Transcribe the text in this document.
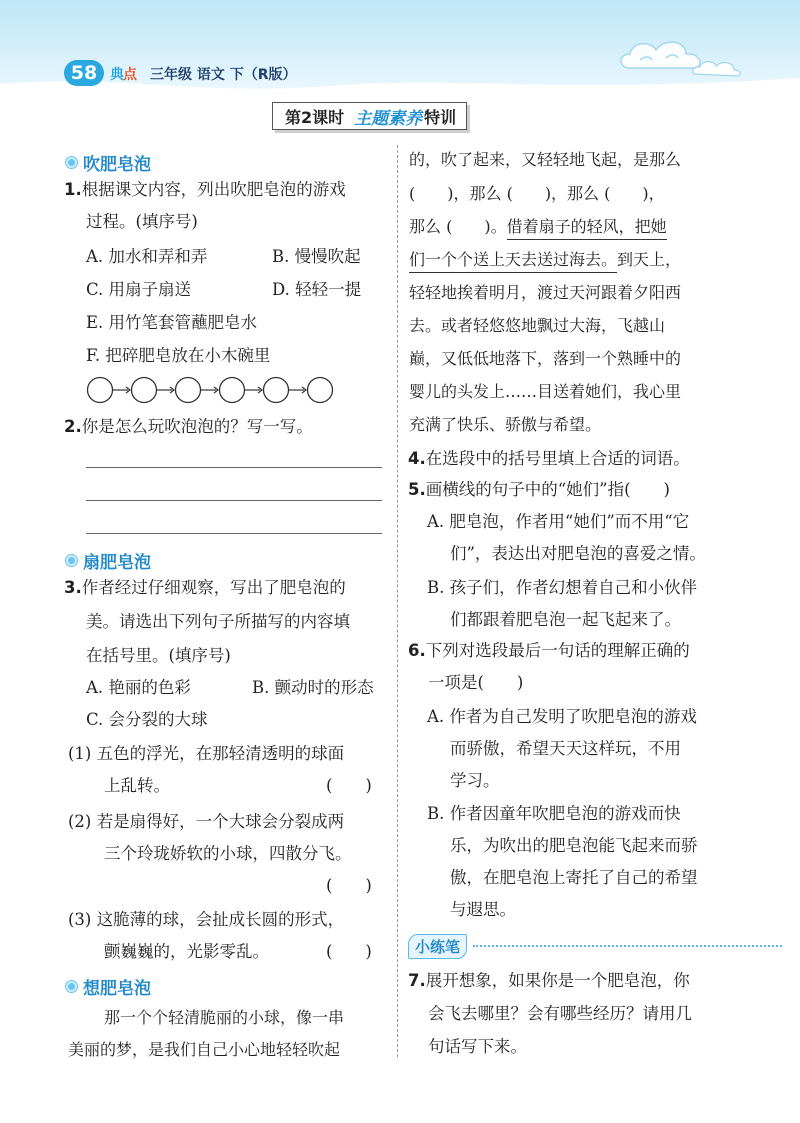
58 典点 三年级 语文 下（R版）
第2课时 主题素养 特训
吹肥皂泡
1.根据课文内容，列出吹肥皂泡的游戏
过程。(填序号)
A. 加水和弄和弄	B. 慢慢吹起
C. 用扇子扇送	D. 轻轻一提
E. 用竹笔套管蘸肥皂水
F. 把碎肥皂放在小木碗里
2.你是怎么玩吹泡泡的？写一写。
扇肥皂泡
3.作者经过仔细观察，写出了肥皂泡的
美。请选出下列句子所描写的内容填
在括号里。(填序号)
A. 艳丽的色彩	B. 颤动时的形态
C. 会分裂的大球
(1) 五色的浮光，在那轻清透明的球面
上乱转。	(　　)
(2) 若是扇得好，一个大球会分裂成两
三个玲珑娇软的小球，四散分飞。
(　　)
(3) 这脆薄的球，会扯成长圆的形式，
颤巍巍的，光影零乱。	(　　)
想肥皂泡
那一个个轻清脆丽的小球，像一串
美丽的梦，是我们自己小心地轻轻吹起
的，吹了起来，又轻轻地飞起，是那么
(　　)，那么 (　　)，那么 (　　)，
那么 (　　)。借着扇子的轻风，把她
们一个个送上天去送过海去。到天上，
轻轻地挨着明月，渡过天河跟着夕阳西
去。或者轻悠悠地飘过大海，飞越山
巅，又低低地落下，落到一个熟睡中的
婴儿的头发上……目送着她们，我心里
充满了快乐、骄傲与希望。
4.在选段中的括号里填上合适的词语。
5.画横线的句子中的“她们”指(　　)
A. 肥皂泡，作者用“她们”而不用“它
们”，表达出对肥皂泡的喜爱之情。
B. 孩子们，作者幻想着自己和小伙伴
们都跟着肥皂泡一起飞起来了。
6.下列对选段最后一句话的理解正确的
一项是(　　)
A. 作者为自己发明了吹肥皂泡的游戏
而骄傲，希望天天这样玩，不用
学习。
B. 作者因童年吹肥皂泡的游戏而快
乐，为吹出的肥皂泡能飞起来而骄
傲，在肥皂泡上寄托了自己的希望
与遐思。
小练笔
7.展开想象，如果你是一个肥皂泡，你
会飞去哪里？会有哪些经历？请用几
句话写下来。
